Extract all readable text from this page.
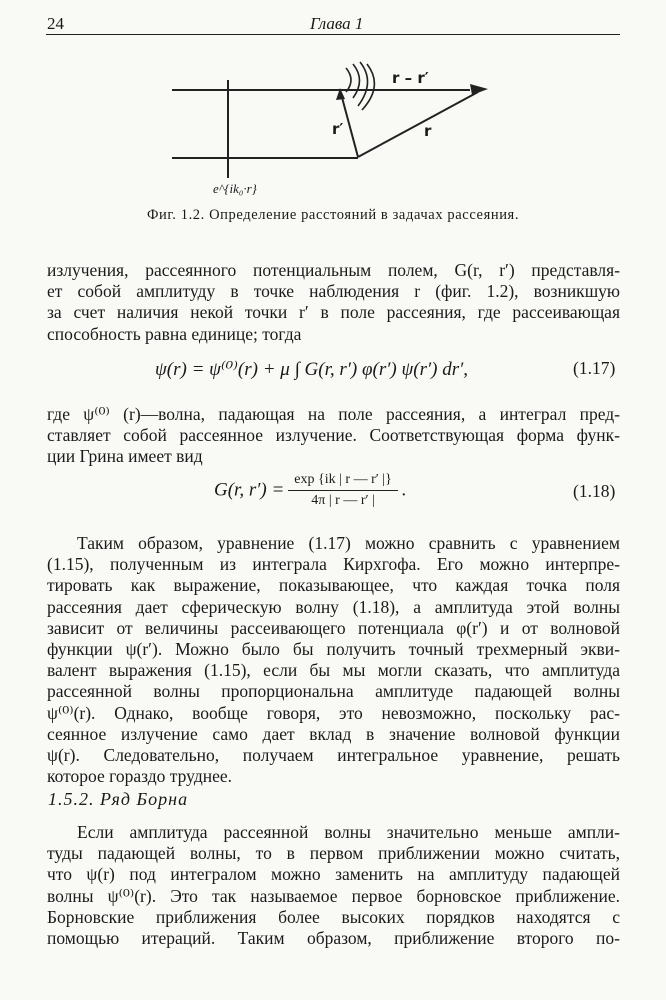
24	Глава 1
r – r′
r′	r
e^{ik₀·r}
Фиг. 1.2. Определение расстояний в задачах рассеяния.
излучения, рассеянного потенциальным полем, G(r, r′) представля-
ет собой амплитуду в точке наблюдения r (фиг. 1.2), возникшую
за счет наличия некой точки r′ в поле рассеяния, где рассеивающая
способность равна единице; тогда
ψ(r) = ψ⁽⁰⁾(r) + μ ∫ G(r, r′) φ(r′) ψ(r′) dr′,	(1.17)
где ψ⁽⁰⁾ (r)—волна, падающая на поле рассеяния, а интеграл пред-
ставляет собой рассеянное излучение. Соответствующая форма функ-
ции Грина имеет вид
G(r, $r') = \frac{\exp \{ik | r — r' |\}}{4\pi | r — r' |}$ .	(1.18)
Таким образом, уравнение (1.17) можно сравнить с уравнением
(1.15), полученным из интеграла Кирхгофа. Его можно интерпре-
тировать как выражение, показывающее, что каждая точка поля
рассеяния дает сферическую волну (1.18), а амплитуда этой волны
зависит от величины рассеивающего потенциала φ(r′) и от волновой
функции ψ(r′). Можно было бы получить точный трехмерный экви-
валент выражения (1.15), если бы мы могли сказать, что амплитуда
рассеянной волны пропорциональна амплитуде падающей волны
ψ⁽⁰⁾(r). Однако, вообще говоря, это невозможно, поскольку рас-
сеянное излучение само дает вклад в значение волновой функции
ψ(r). Следовательно, получаем интегральное уравнение, решать
которое гораздо труднее.
1.5.2. Ряд Борна
Если амплитуда рассеянной волны значительно меньше ампли-
туды падающей волны, то в первом приближении можно считать,
что ψ(r) под интегралом можно заменить на амплитуду падающей
волны ψ⁽⁰⁾(r). Это так называемое первое борновское приближение.
Борновские приближения более высоких порядков находятся с
помощью итераций. Таким образом, приближение второго по-
